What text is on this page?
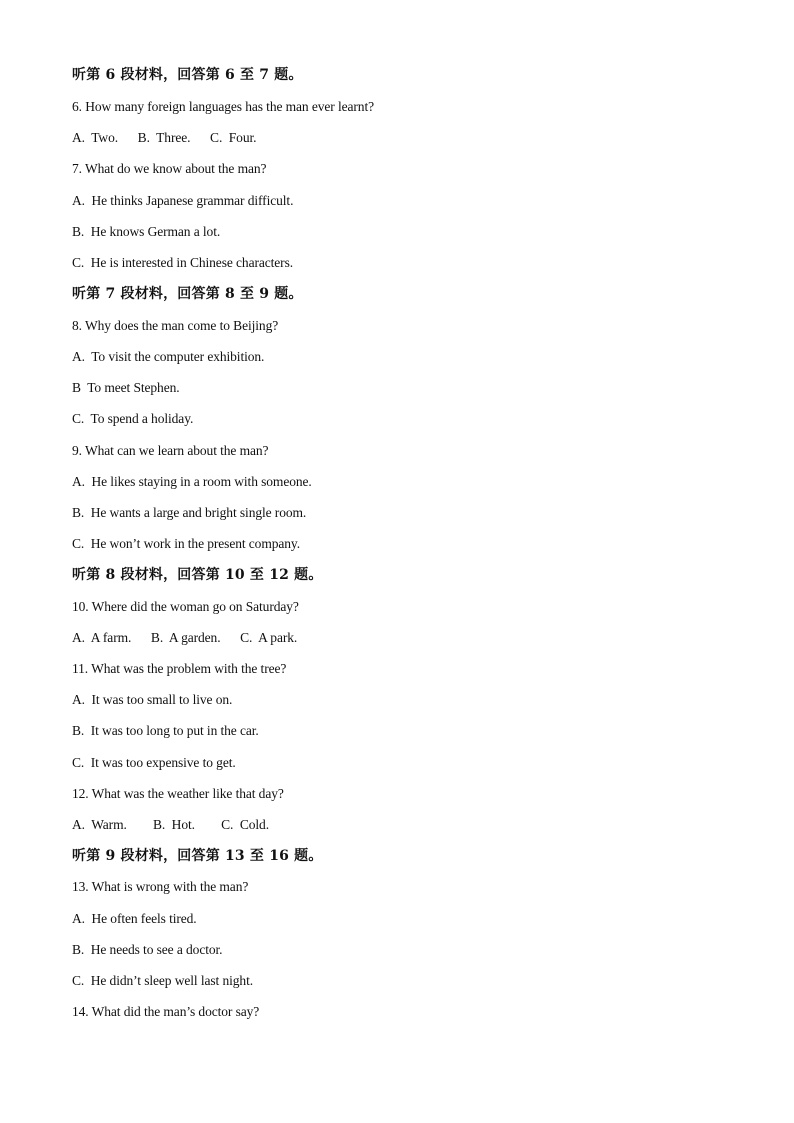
听第 6 段材料，回答第 6 至 7 题。
6. How many foreign languages has the man ever learnt?
A.  Two.      B.  Three.      C.  Four.
7. What do we know about the man?
A.  He thinks Japanese grammar difficult.
B.  He knows German a lot.
C.  He is interested in Chinese characters.
听第 7 段材料，回答第 8 至 9 题。
8. Why does the man come to Beijing?
A.  To visit the computer exhibition.
B  To meet Stephen.
C.  To spend a holiday.
9. What can we learn about the man?
A.  He likes staying in a room with someone.
B.  He wants a large and bright single room.
C.  He won’t work in the present company.
听第 8 段材料，回答第 10 至 12 题。
10. Where did the woman go on Saturday?
A.  A farm.      B.  A garden.      C.  A park.
11. What was the problem with the tree?
A.  It was too small to live on.
B.  It was too long to put in the car.
C.  It was too expensive to get.
12. What was the weather like that day?
A.  Warm.        B.  Hot.        C.  Cold.
听第 9 段材料，回答第 13 至 16 题。
13. What is wrong with the man?
A.  He often feels tired.
B.  He needs to see a doctor.
C.  He didn’t sleep well last night.
14. What did the man’s doctor say?
